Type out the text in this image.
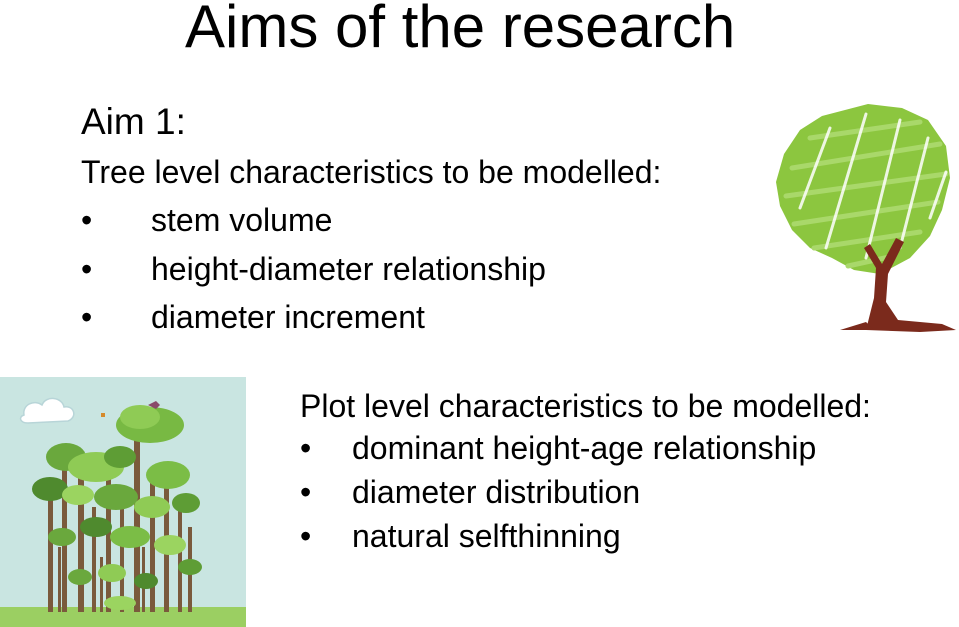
Aims of the research
Aim 1:
Tree level characteristics to be modelled:
• stem volume
• height-diameter relationship
• diameter increment
Plot level characteristics to be modelled:
• dominant height-age relationship
• diameter distribution
• natural selfthinning
